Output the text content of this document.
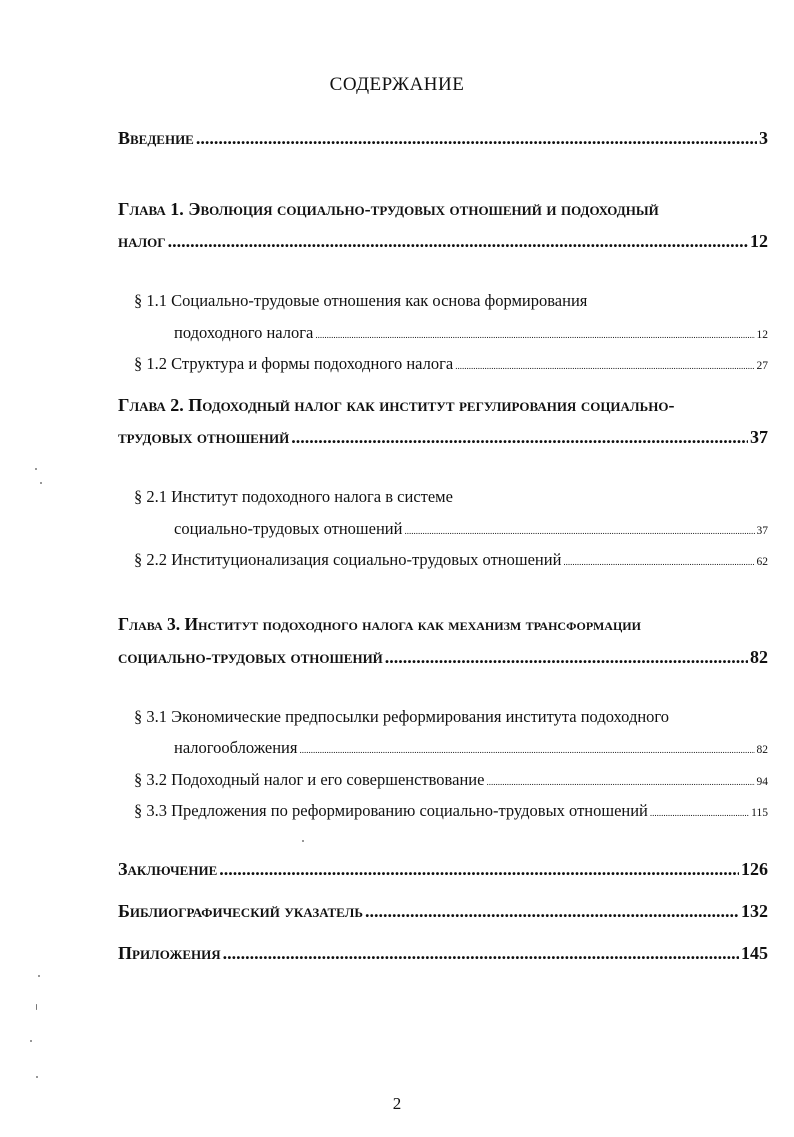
СОДЕРЖАНИЕ
Введение .....	3
Глава 1. Эволюция социально-трудовых отношений и подоходный
налог .....	12
§ 1.1 Социально-трудовые отношения как основа формирования
подоходного налога .....	12
§ 1.2 Структура и формы подоходного налога .....	27
Глава 2. Подоходный налог как институт регулирования социально-
трудовых отношений .....	37
§ 2.1 Институт подоходного налога в системе
социально-трудовых отношений .....	37
§ 2.2 Институционализация социально-трудовых отношений .....	62
Глава 3. Институт подоходного налога как механизм трансформации
социально-трудовых отношений .....	82
§ 3.1 Экономические предпосылки реформирования института подоходного
налогообложения .....	82
§ 3.2 Подоходный налог и его совершенствование .....	94
§ 3.3 Предложения по реформированию социально-трудовых отношений .....	115
Заключение .....	126
Библиографический указатель .....	132
Приложения .....	145
2
